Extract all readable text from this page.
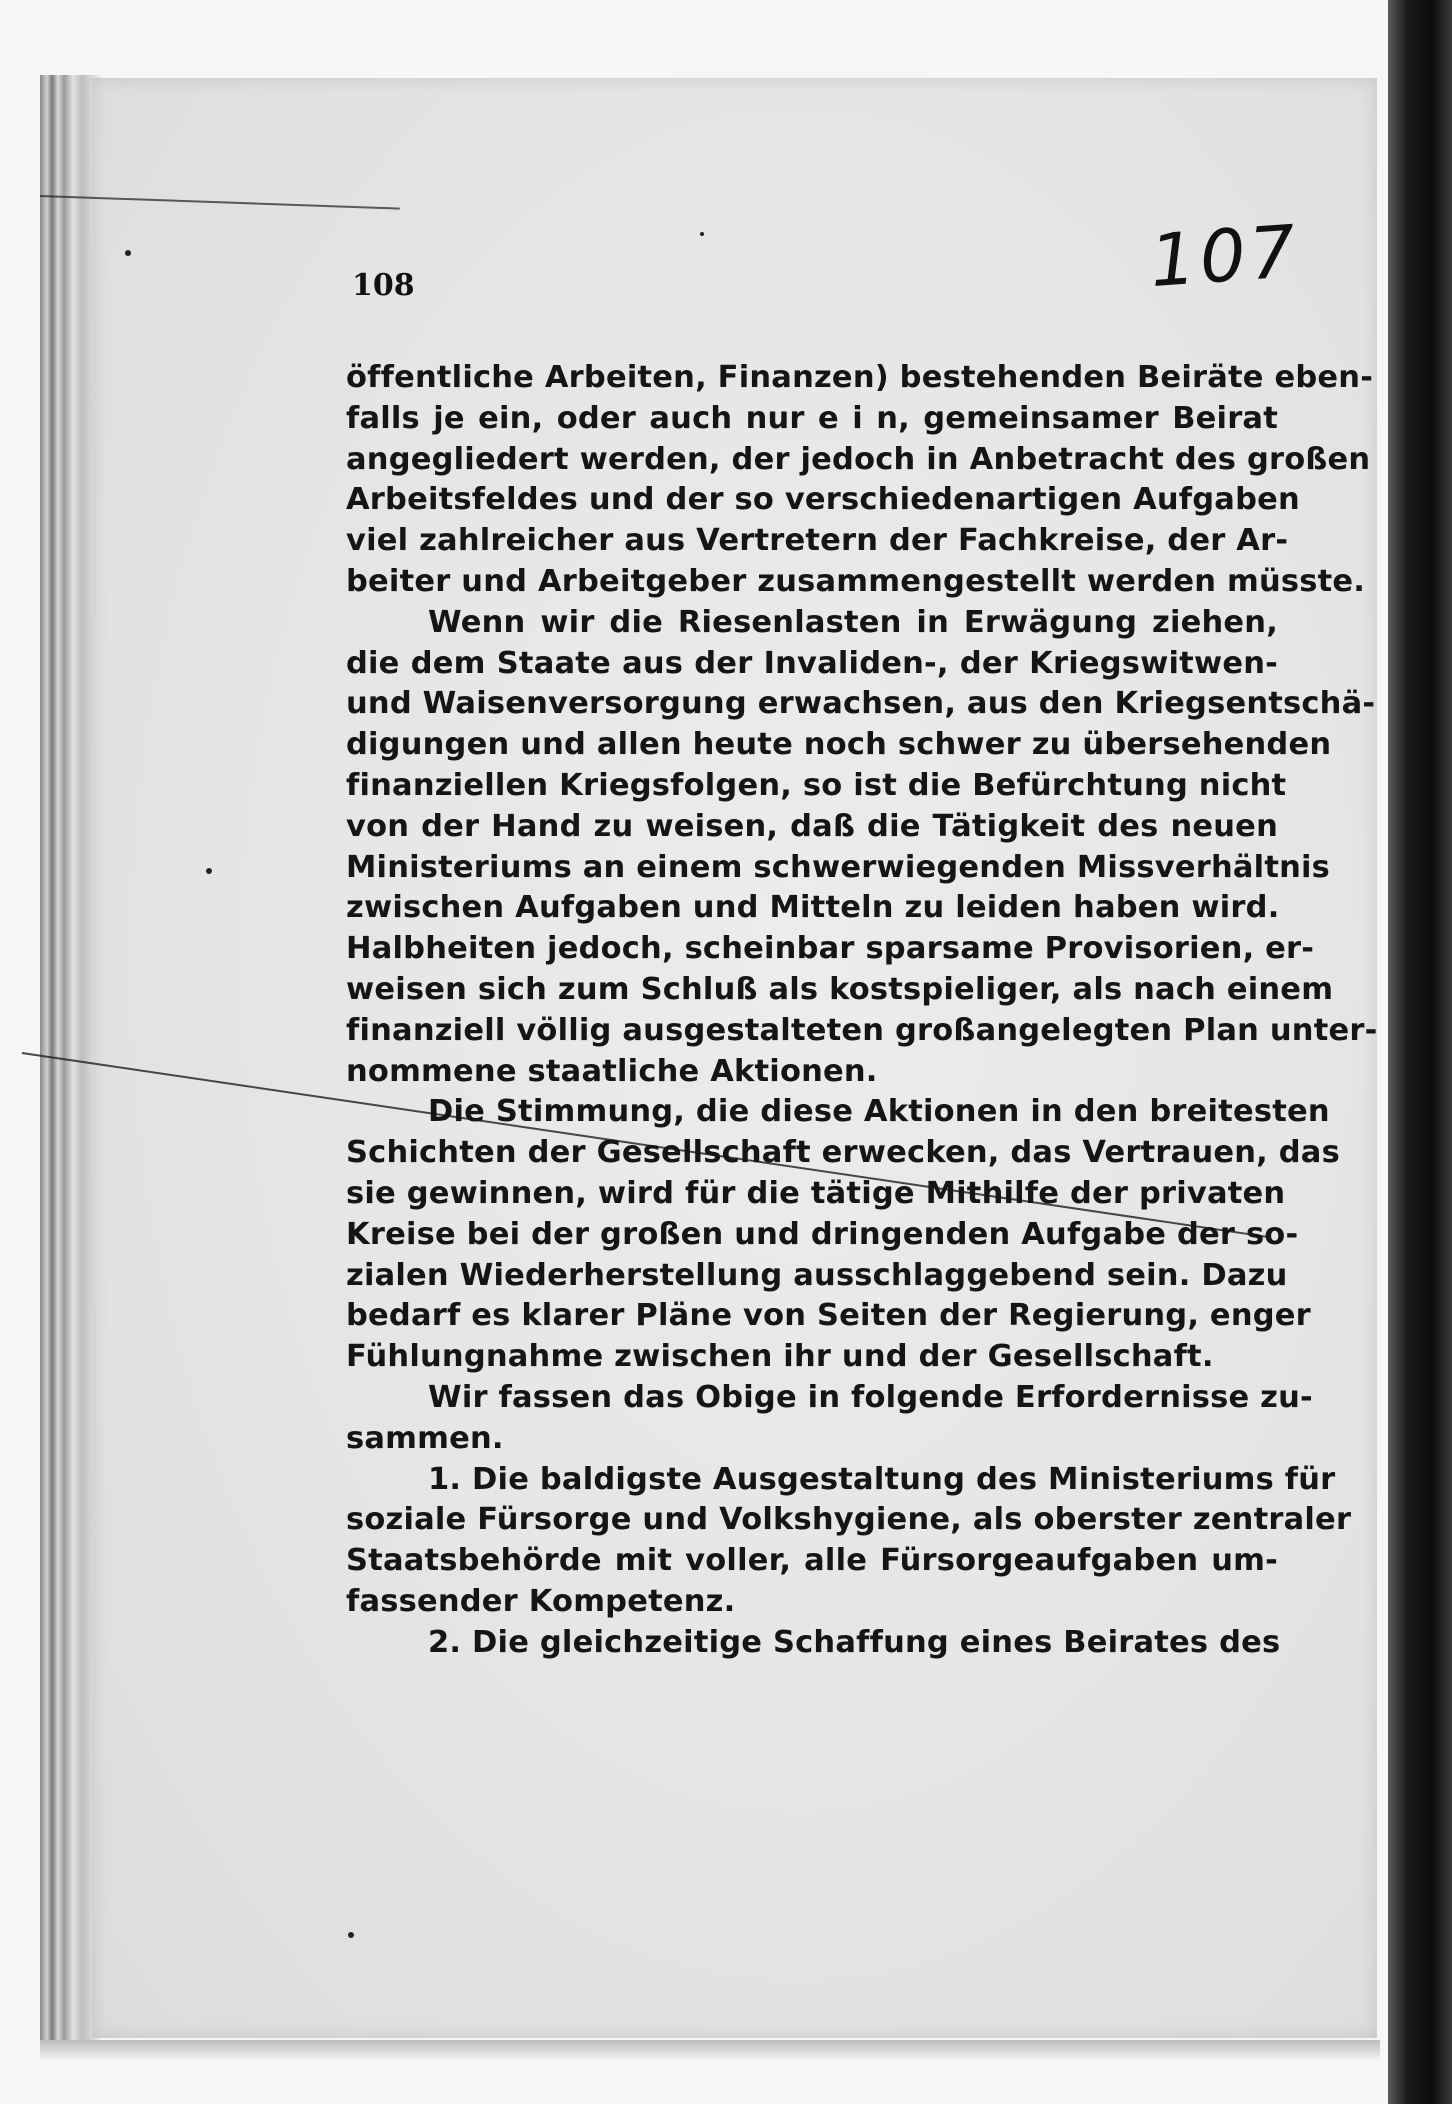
108	107

öffentliche Arbeiten, Finanzen) bestehenden Beiräte eben-
falls je ein, oder auch nur e i n, gemeinsamer Beirat
angegliedert werden, der jedoch in Anbetracht des großen
Arbeitsfeldes und der so verschiedenartigen Aufgaben
viel zahlreicher aus Vertretern der Fachkreise, der Ar-
beiter und Arbeitgeber zusammengestellt werden müsste.
Wenn wir die Riesenlasten in Erwägung ziehen,
die dem Staate aus der Invaliden-, der Kriegswitwen-
und Waisenversorgung erwachsen, aus den Kriegsentschä-
digungen und allen heute noch schwer zu übersehenden
finanziellen Kriegsfolgen, so ist die Befürchtung nicht
von der Hand zu weisen, daß die Tätigkeit des neuen
Ministeriums an einem schwerwiegenden Missverhältnis
zwischen Aufgaben und Mitteln zu leiden haben wird.
Halbheiten jedoch, scheinbar sparsame Provisorien, er-
weisen sich zum Schluß als kostspieliger, als nach einem
finanziell völlig ausgestalteten großangelegten Plan unter-
nommene staatliche Aktionen.
Die Stimmung, die diese Aktionen in den breitesten
Schichten der Gesellschaft erwecken, das Vertrauen, das
sie gewinnen, wird für die tätige Mithilfe der privaten
Kreise bei der großen und dringenden Aufgabe der so-
zialen Wiederherstellung ausschlaggebend sein. Dazu
bedarf es klarer Pläne von Seiten der Regierung, enger
Fühlungnahme zwischen ihr und der Gesellschaft.
Wir fassen das Obige in folgende Erfordernisse zu-
sammen.
1. Die baldigste Ausgestaltung des Ministeriums für
soziale Fürsorge und Volkshygiene, als oberster zentraler
Staatsbehörde mit voller, alle Fürsorgeaufgaben um-
fassender Kompetenz.
2. Die gleichzeitige Schaffung eines Beirates des
